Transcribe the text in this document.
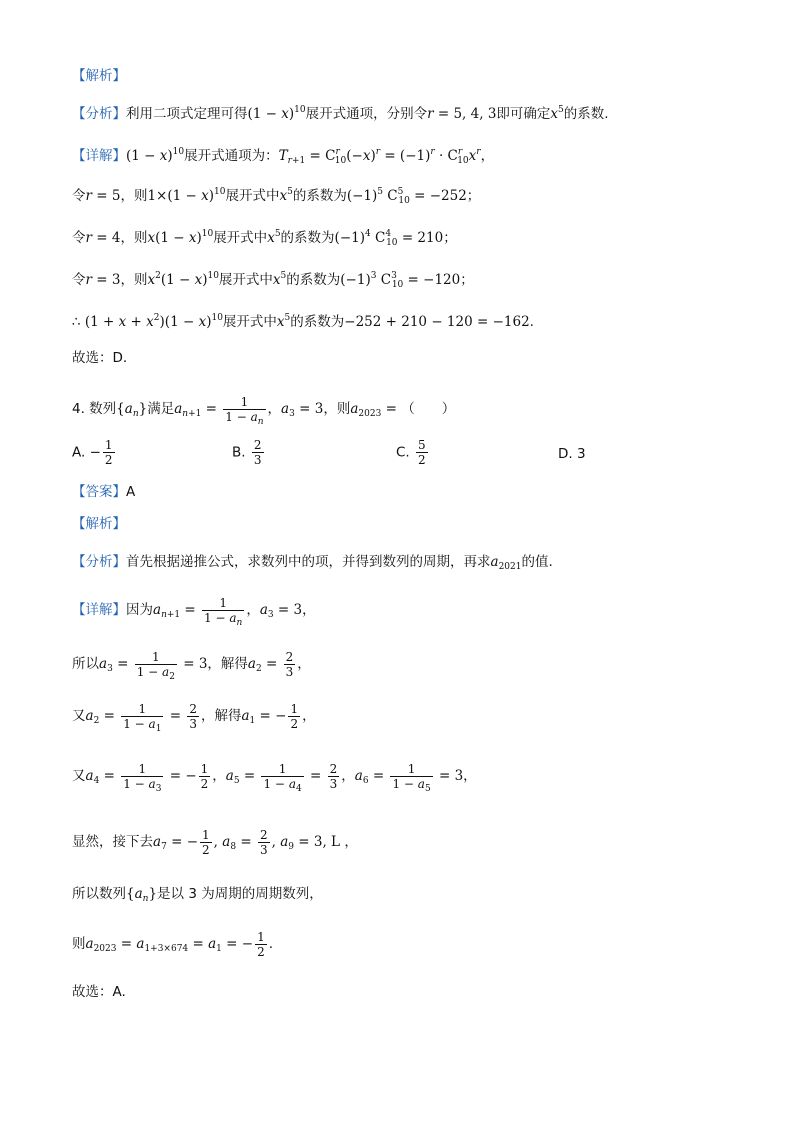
【解析】
【分析】利用二项式定理可得$(1 - x)^{10}$展开式通项，分别令r = 5, 4, 3即可确定$x^5$的系数.
【详解】$(1 - x)^{10}$展开式通项为：$T_{r+1} = C^r_{10}(-x)^r = (-1)^r \cdot C^r_{10}x^r$，
令r = 5，则$1\times(1 - x)^{10}$展开式中$x^5$的系数为$(-1)^5$ $C^5_{10} = -252$；
令r = 4，则$x(1 - x)^{10}$展开式中$x^5$的系数为$(-1)^4$ $C^4_{10} = 210$；
令r = 3，则$x^2(1 - x)^{10}$展开式中$x^5$的系数为$(-1)^3$ $C^3_{10} = -120$；
∴ $(1 + x + x^2)(1 - x)^{10}$展开式中$x^5$的系数为−252 + 210 − 120 = −162.
故选：D.
4. 数列$\{a_n\}$满足$a_{n+1} = \frac{1}{1 - a_n}$ ，$a_3 = 3$，则$a_{2023}$ = （　　）
A. − $\frac{1}{2}$	B. $\frac{2}{3}$	C. $\frac{5}{2}$	D. 3
【答案】A
【解析】
【分析】首先根据递推公式，求数列中的项，并得到数列的周期，再求$a_{2021}$的值.
【详解】因为$a_{n+1} = \frac{1}{1 - a_n}$ ，$a_3 = 3$，
所以$a_3 = \frac{1}{1 - a_2} = 3$，解得$a_2 = \frac{2}{3}$ ，
又$a_2 = \frac{1}{1 - a_1} = \frac{2}{3}$ ，解得$a_1$ = − $\frac{1}{2}$ ，
又$a_4 = \frac{1}{1 - a_3}$ = − $\frac{1}{2}$ ，$a_5 = \frac{1}{1 - a_4} = \frac{2}{3}$ ，$a_6 = \frac{1}{1 - a_5} = 3$，
显然，接下去$a_7$ = − $\frac{1}{2}$ , $a_8 = \frac{2}{3}$ , $a_9 = 3$, L ，
所以数列$\{a_n\}$是以 3 为周期的周期数列，
则$a_{2023} = a_{1+3\times 674} = a_1$ = − $\frac{1}{2}$ .
故选：A.
